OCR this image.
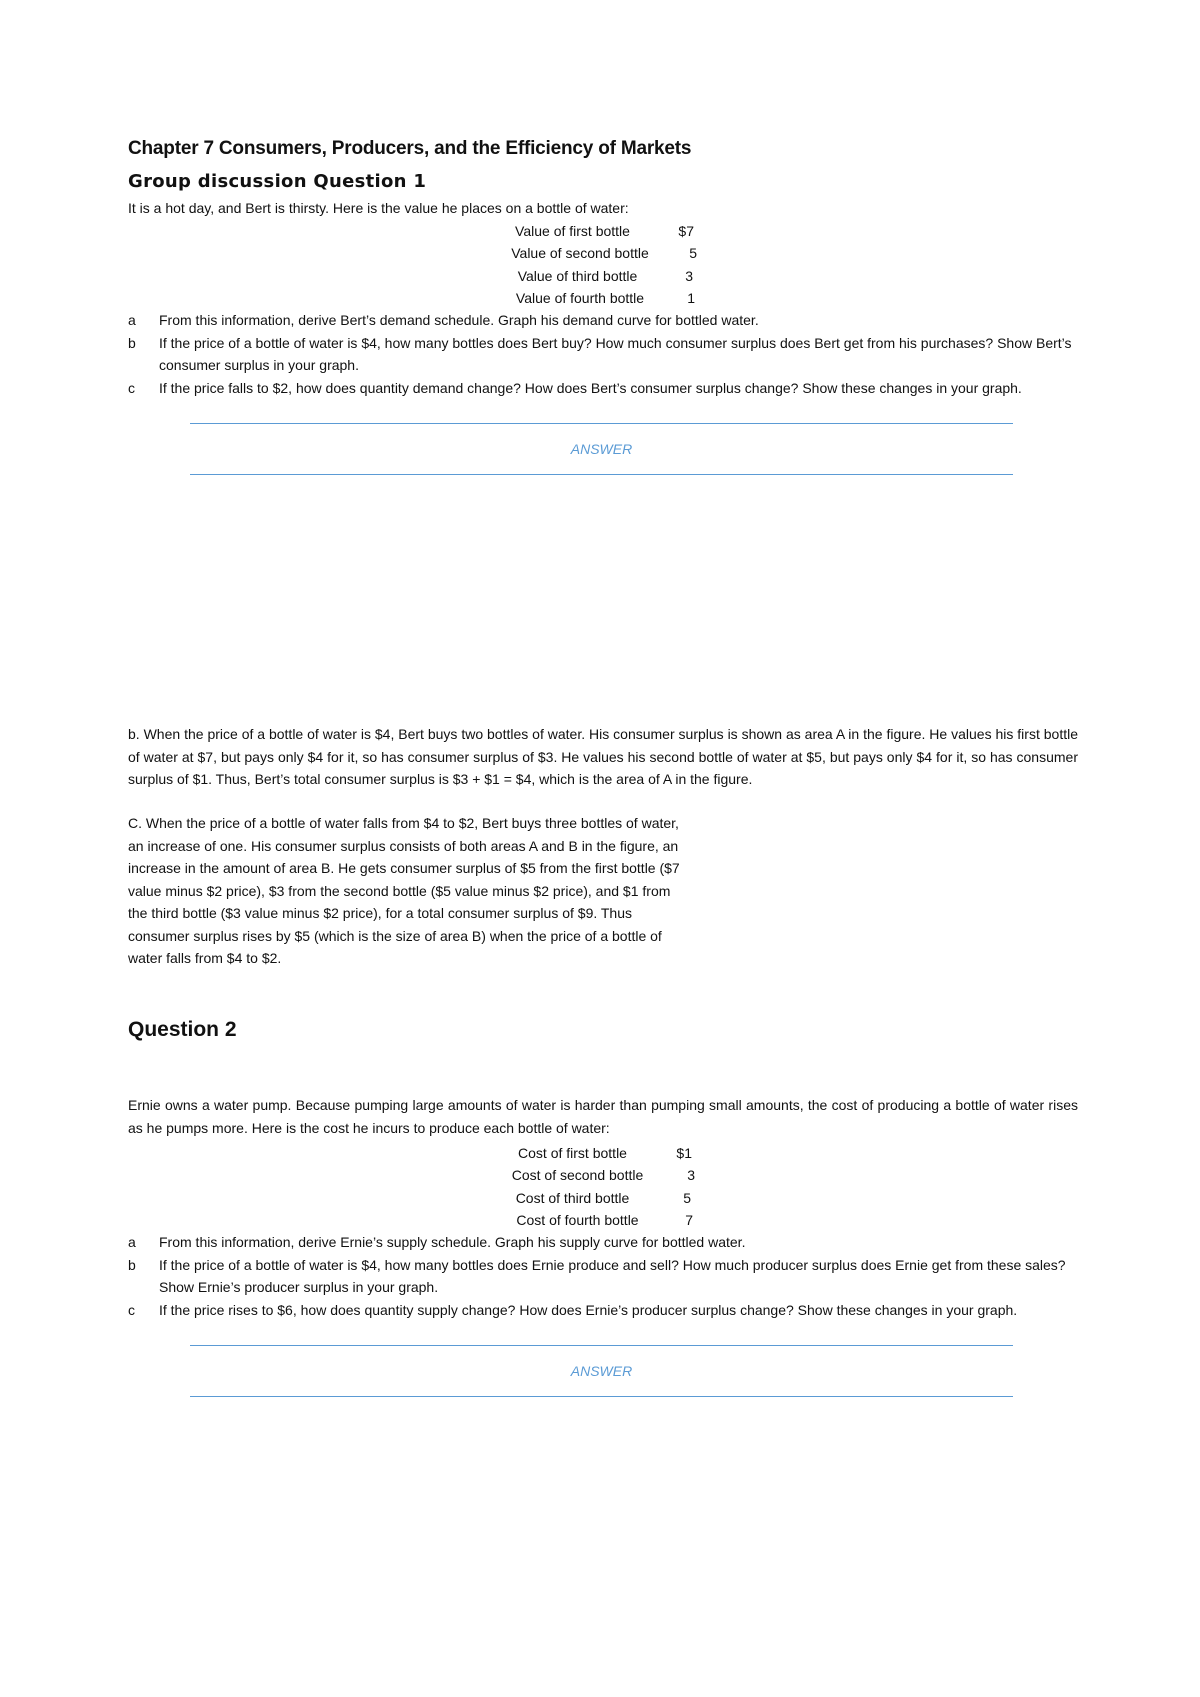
Chapter 7 Consumers, Producers, and the Efficiency of Markets
Group discussion Question 1

It is a hot day, and Bert is thirsty. Here is the value he places on a bottle of water:

Value of first bottle	$7
Value of second bottle	5
Value of third bottle	3
Value of fourth bottle	1
a From this information, derive Bert’s demand schedule. Graph his demand curve for bottled water.
b If the price of a bottle of water is $4, how many bottles does Bert buy? How much consumer surplus does Bert get from his purchases? Show Bert’s consumer surplus in your graph.
c If the price falls to $2, how does quantity demand change? How does Bert’s consumer surplus change? Show these changes in your graph.
ANSWER

b. When the price of a bottle of water is $4, Bert buys two bottles of water. His consumer surplus is shown as area A in the figure. He values his first bottle of water at $7, but pays only $4 for it, so has consumer surplus of $3. He values his second bottle of water at $5, but pays only $4 for it, so has consumer surplus of $1. Thus, Bert’s total consumer surplus is $3 + $1 = $4, which is the area of A in the figure.

C. When the price of a bottle of water falls from $4 to $2, Bert buys three bottles of water, an increase of one. His consumer surplus consists of both areas A and B in the figure, an increase in the amount of area B. He gets consumer surplus of $5 from the first bottle ($7 value minus $2 price), $3 from the second bottle ($5 value minus $2 price), and $1 from the third bottle ($3 value minus $2 price), for a total consumer surplus of $9. Thus consumer surplus rises by $5 (which is the size of area B) when the price of a bottle of water falls from $4 to $2.

Question 2

Ernie owns a water pump. Because pumping large amounts of water is harder than pumping small amounts, the cost of producing a bottle of water rises as he pumps more. Here is the cost he incurs to produce each bottle of water:

Cost of first bottle	$1
Cost of second bottle	3
Cost of third bottle	5
Cost of fourth bottle	7
a From this information, derive Ernie’s supply schedule. Graph his supply curve for bottled water.
b If the price of a bottle of water is $4, how many bottles does Ernie produce and sell? How much producer surplus does Ernie get from these sales? Show Ernie’s producer surplus in your graph.
c If the price rises to $6, how does quantity supply change? How does Ernie’s producer surplus change? Show these changes in your graph.
ANSWER
